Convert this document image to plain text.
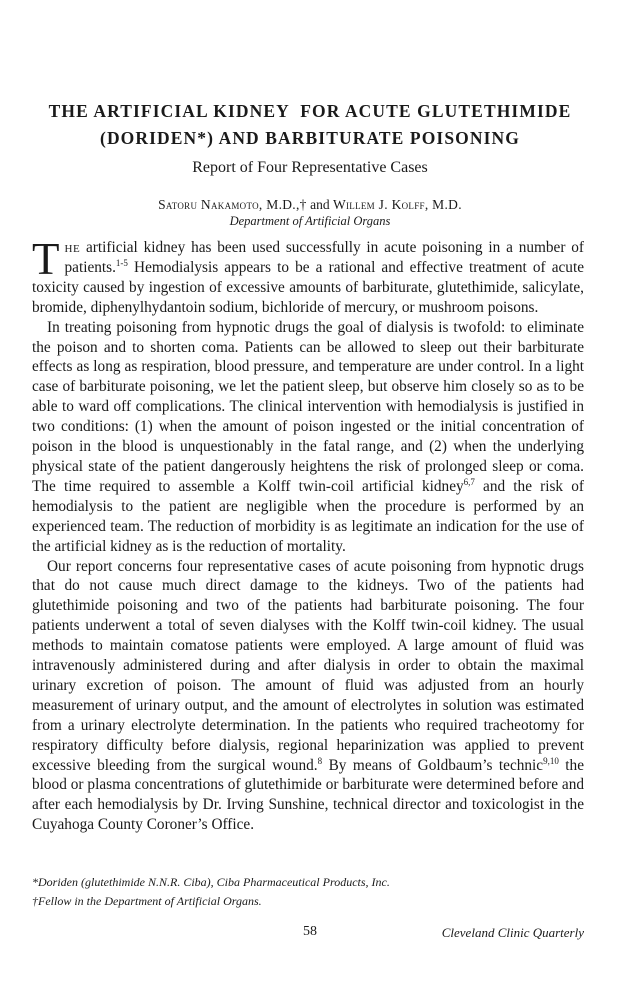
THE ARTIFICIAL KIDNEY  FOR ACUTE GLUTETHIMIDE
(DORIDEN*) AND BARBITURATE POISONING
Report of Four Representative Cases
Satoru Nakamoto, M.D.,† and Willem J. Kolff, M.D.
Department of Artificial Organs

The artificial kidney has been used successfully in acute poisoning in a number of patients.$^{1-5}$ Hemodialysis appears to be a rational and effective treatment of acute toxicity caused by ingestion of excessive amounts of barbiturate, glutethimide, salicylate, bromide, diphenylhydantoin sodium, bichloride of mercury, or mushroom poisons.

In treating poisoning from hypnotic drugs the goal of dialysis is twofold: to eliminate the poison and to shorten coma. Patients can be allowed to sleep out their barbiturate effects as long as respiration, blood pressure, and temperature are under control. In a light case of barbiturate poisoning, we let the patient sleep, but observe him closely so as to be able to ward off complications. The clinical intervention with hemodialysis is justified in two conditions: (1) when the amount of poison ingested or the initial concentration of poison in the blood is unquestionably in the fatal range, and (2) when the underlying physical state of the patient dangerously heightens the risk of prolonged sleep or coma. The time required to assemble a Kolff twin-coil artificial kidney$^{6,7}$ and the risk of hemodialysis to the patient are negligible when the procedure is performed by an experienced team. The reduction of morbidity is as legitimate an indication for the use of the artificial kidney as is the reduction of mortality.

Our report concerns four representative cases of acute poisoning from hypnotic drugs that do not cause much direct damage to the kidneys. Two of the patients had glutethimide poisoning and two of the patients had barbiturate poisoning. The four patients underwent a total of seven dialyses with the Kolff twin-coil kidney. The usual methods to maintain comatose patients were employed. A large amount of fluid was intravenously administered during and after dialysis in order to obtain the maximal urinary excretion of poison. The amount of fluid was adjusted from an hourly measurement of urinary output, and the amount of electrolytes in solution was estimated from a urinary electrolyte determination. In the patients who required tracheotomy for respiratory difficulty before dialysis, regional heparinization was applied to prevent excessive bleeding from the surgical wound.$^8$ By means of Goldbaum’s technic$^{9,10}$ the blood or plasma concentrations of glutethimide or barbiturate were determined before and after each hemodialysis by Dr. Irving Sunshine, technical director and toxicologist in the Cuyahoga County Coroner’s Office.

*Doriden (glutethimide N.N.R. Ciba), Ciba Pharmaceutical Products, Inc.
†Fellow in the Department of Artificial Organs.
58	Cleveland Clinic Quarterly
